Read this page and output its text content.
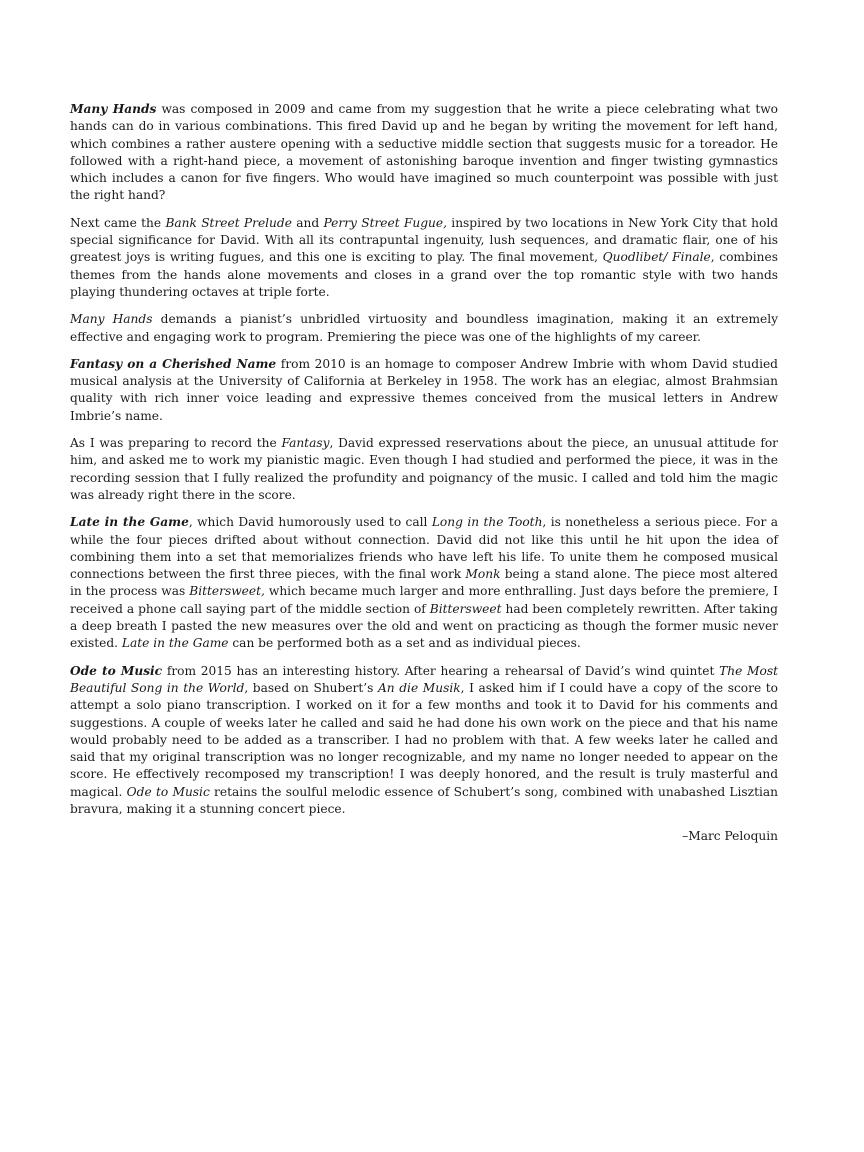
Many Hands was composed in 2009 and came from my suggestion that he write a piece celebrating what two hands can do in various combinations. This fired David up and he began by writing the movement for left hand, which combines a rather austere opening with a seductive middle section that suggests music for a toreador. He followed with a right-hand piece, a movement of astonishing baroque invention and finger twisting gymnastics which includes a canon for five fingers. Who would have imagined so much counterpoint was possible with just the right hand?

Next came the Bank Street Prelude and Perry Street Fugue, inspired by two locations in New York City that hold special significance for David. With all its contrapuntal ingenuity, lush sequences, and dramatic flair, one of his greatest joys is writing fugues, and this one is exciting to play. The final movement, Quodlibet/ Finale, combines themes from the hands alone movements and closes in a grand over the top romantic style with two hands playing thundering octaves at triple forte.

Many Hands demands a pianist’s unbridled virtuosity and boundless imagination, making it an extremely effective and engaging work to program. Premiering the piece was one of the highlights of my career.

Fantasy on a Cherished Name from 2010 is an homage to composer Andrew Imbrie with whom David studied musical analysis at the University of California at Berkeley in 1958. The work has an elegiac, almost Brahmsian quality with rich inner voice leading and expressive themes conceived from the musical letters in Andrew Imbrie’s name.

As I was preparing to record the Fantasy, David expressed reservations about the piece, an unusual attitude for him, and asked me to work my pianistic magic. Even though I had studied and performed the piece, it was in the recording session that I fully realized the profundity and poignancy of the music. I called and told him the magic was already right there in the score.

Late in the Game, which David humorously used to call Long in the Tooth, is nonetheless a serious piece. For a while the four pieces drifted about without connection. David did not like this until he hit upon the idea of combining them into a set that memorializes friends who have left his life. To unite them he composed musical connections between the first three pieces, with the final work Monk being a stand alone. The piece most altered in the process was Bittersweet, which became much larger and more enthralling. Just days before the premiere, I received a phone call saying part of the middle section of Bittersweet had been completely rewritten. After taking a deep breath I pasted the new measures over the old and went on practicing as though the former music never existed. Late in the Game can be performed both as a set and as individual pieces.

Ode to Music from 2015 has an interesting history. After hearing a rehearsal of David’s wind quintet The Most Beautiful Song in the World, based on Shubert’s An die Musik, I asked him if I could have a copy of the score to attempt a solo piano transcription. I worked on it for a few months and took it to David for his comments and suggestions. A couple of weeks later he called and said he had done his own work on the piece and that his name would probably need to be added as a transcriber. I had no problem with that. A few weeks later he called and said that my original transcription was no longer recognizable, and my name no longer needed to appear on the score. He effectively recomposed my transcription! I was deeply honored, and the result is truly masterful and magical. Ode to Music retains the soulful melodic essence of Schubert’s song, combined with unabashed Lisztian bravura, making it a stunning concert piece.

–Marc Peloquin
